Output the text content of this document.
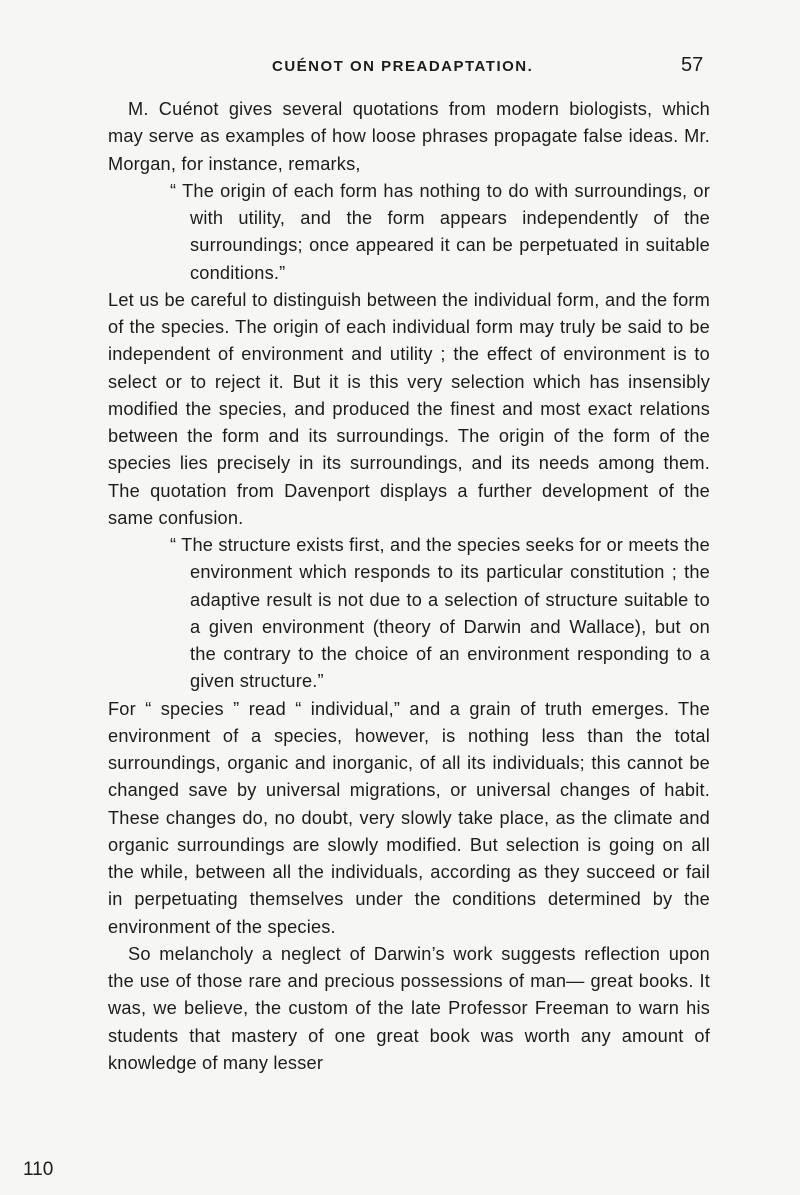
CUÉNOT ON PREADAPTATION.	57

M. Cuénot gives several quotations from modern biologists, which may serve as examples of how loose phrases propagate false ideas. Mr. Morgan, for instance, remarks,

“ The origin of each form has nothing to do with surroundings, or with utility, and the form appears independently of the surroundings; once appeared it can be perpetuated in suitable conditions.”

Let us be careful to distinguish between the individual form, and the form of the species. The origin of each individual form may truly be said to be independent of environment and utility ; the effect of environment is to select or to reject it. But it is this very selection which has insensibly modified the species, and produced the finest and most exact relations between the form and its surroundings. The origin of the form of the species lies precisely in its surroundings, and its needs among them. The quotation from Davenport displays a further development of the same confusion.

“ The structure exists first, and the species seeks for or meets the environment which responds to its particular constitution ; the adaptive result is not due to a selection of structure suitable to a given environment (theory of Darwin and Wallace), but on the contrary to the choice of an environment responding to a given structure.”

For “ species ” read “ individual,” and a grain of truth emerges. The environment of a species, however, is nothing less than the total surroundings, organic and inorganic, of all its individuals; this cannot be changed save by universal migrations, or universal changes of habit. These changes do, no doubt, very slowly take place, as the climate and organic surroundings are slowly modified. But selection is going on all the while, between all the individuals, according as they succeed or fail in perpetuating themselves under the conditions determined by the environment of the species.

So melancholy a neglect of Darwin’s work suggests reflection upon the use of those rare and precious possessions of man— great books. It was, we believe, the custom of the late Professor Freeman to warn his students that mastery of one great book was worth any amount of knowledge of many lesser

110
